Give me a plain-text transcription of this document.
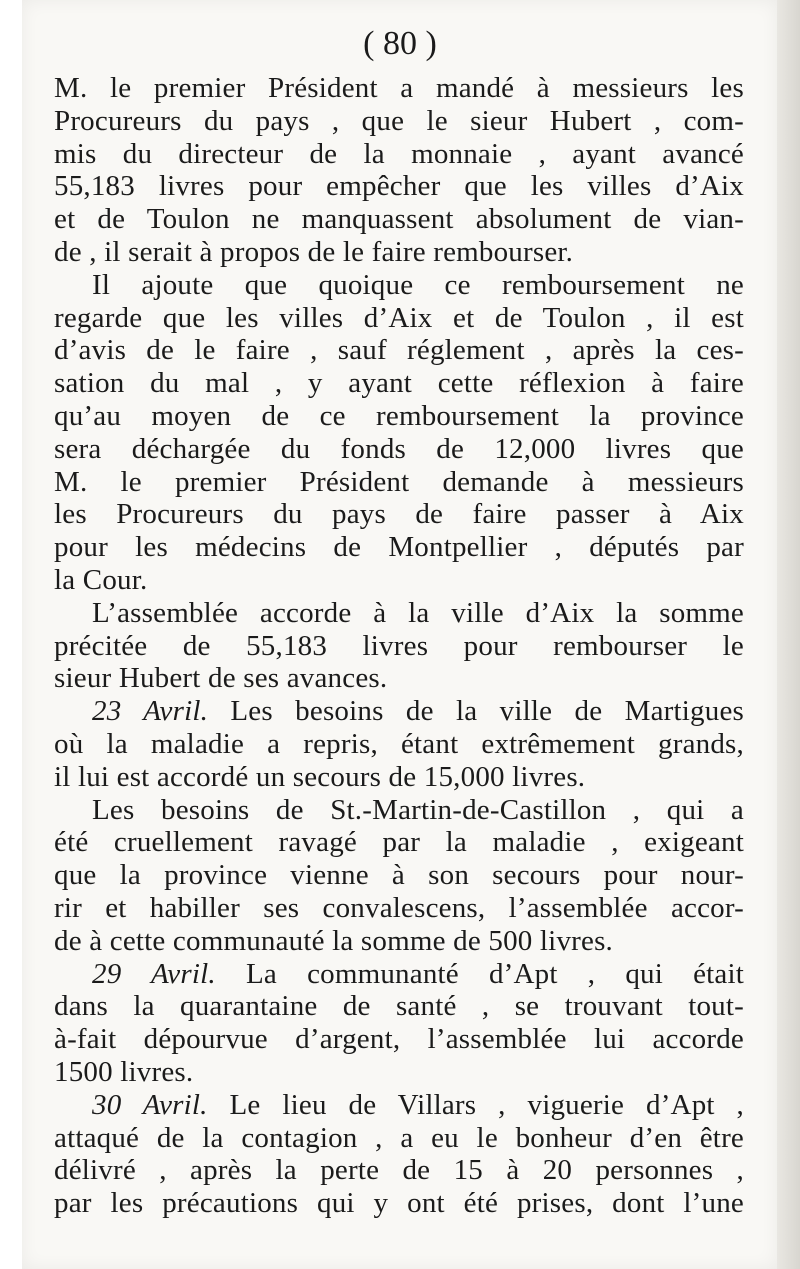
( 80 )
M. le premier Président a mandé à messieurs les
Procureurs du pays , que le sieur Hubert , com-
mis du directeur de la monnaie , ayant avancé
55,183 livres pour empêcher que les villes d’Aix
et de Toulon ne manquassent absolument de vian-
de , il serait à propos de le faire rembourser.
Il ajoute que quoique ce remboursement ne
regarde que les villes d’Aix et de Toulon , il est
d’avis de le faire , sauf réglement , après la ces-
sation du mal , y ayant cette réflexion à faire
qu’au moyen de ce remboursement la province
sera déchargée du fonds de 12,000 livres que
M. le premier Président demande à messieurs
les Procureurs du pays de faire passer à Aix
pour les médecins de Montpellier , députés par
la Cour.
L’assemblée accorde à la ville d’Aix la somme
précitée de 55,183 livres pour rembourser le
sieur Hubert de ses avances.
23 Avril. Les besoins de la ville de Martigues
où la maladie a repris, étant extrêmement grands,
il lui est accordé un secours de 15,000 livres.
Les besoins de St.-Martin-de-Castillon , qui a
été cruellement ravagé par la maladie , exigeant
que la province vienne à son secours pour nour-
rir et habiller ses convalescens, l’assemblée accor-
de à cette communauté la somme de 500 livres.
29 Avril. La communanté d’Apt , qui était
dans la quarantaine de santé , se trouvant tout-
à-fait dépourvue d’argent, l’assemblée lui accorde
1500 livres.
30 Avril. Le lieu de Villars , viguerie d’Apt ,
attaqué de la contagion , a eu le bonheur d’en être
délivré , après la perte de 15 à 20 personnes ,
par les précautions qui y ont été prises, dont l’une
